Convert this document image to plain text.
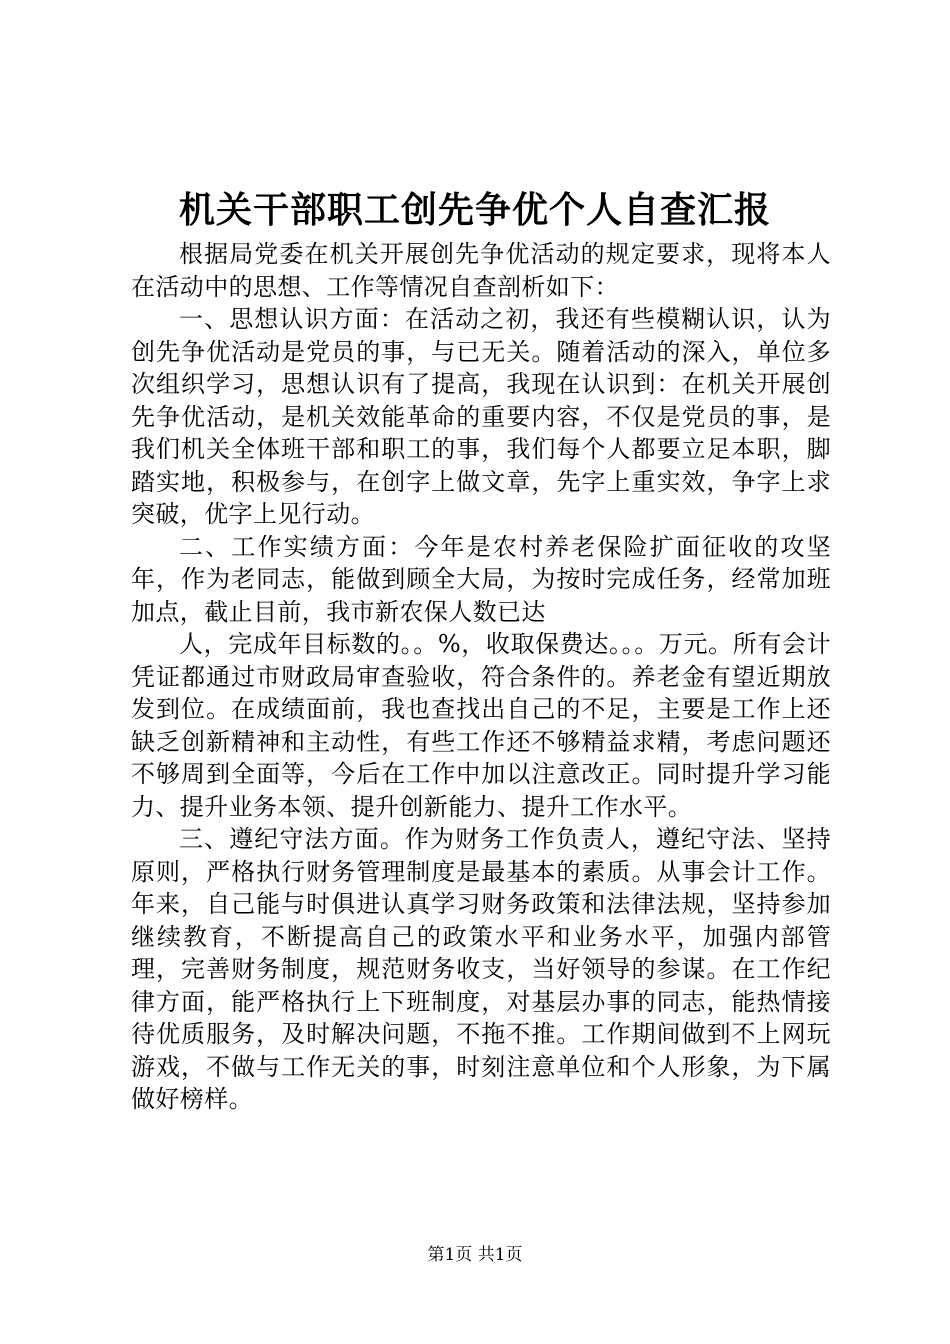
机关干部职工创先争优个人自查汇报

根据局党委在机关开展创先争优活动的规定要求，现将本人在活动中的思想、工作等情况自查剖析如下：

一、思想认识方面：在活动之初，我还有些模糊认识，认为创先争优活动是党员的事，与已无关。随着活动的深入，单位多次组织学习，思想认识有了提高，我现在认识到：在机关开展创先争优活动，是机关效能革命的重要内容，不仅是党员的事，是我们机关全体班干部和职工的事，我们每个人都要立足本职，脚踏实地，积极参与，在创字上做文章，先字上重实效，争字上求突破，优字上见行动。

二、工作实绩方面：今年是农村养老保险扩面征收的攻坚年，作为老同志，能做到顾全大局，为按时完成任务，经常加班加点，截止目前，我市新农保人数已达

人，完成年目标数的。。%，收取保费达。。。万元。所有会计凭证都通过市财政局审查验收，符合条件的。养老金有望近期放发到位。在成绩面前，我也查找出自己的不足，主要是工作上还缺乏创新精神和主动性，有些工作还不够精益求精，考虑问题还不够周到全面等，今后在工作中加以注意改正。同时提升学习能力、提升业务本领、提升创新能力、提升工作水平。

三、遵纪守法方面。作为财务工作负责人，遵纪守法、坚持原则，严格执行财务管理制度是最基本的素质。从事会计工作。年来，自己能与时俱进认真学习财务政策和法律法规，坚持参加继续教育，不断提高自己的政策水平和业务水平，加强内部管理，完善财务制度，规范财务收支，当好领导的参谋。在工作纪律方面，能严格执行上下班制度，对基层办事的同志，能热情接待优质服务，及时解决问题，不拖不推。工作期间做到不上网玩游戏，不做与工作无关的事，时刻注意单位和个人形象，为下属做好榜样。

第1页 共1页
